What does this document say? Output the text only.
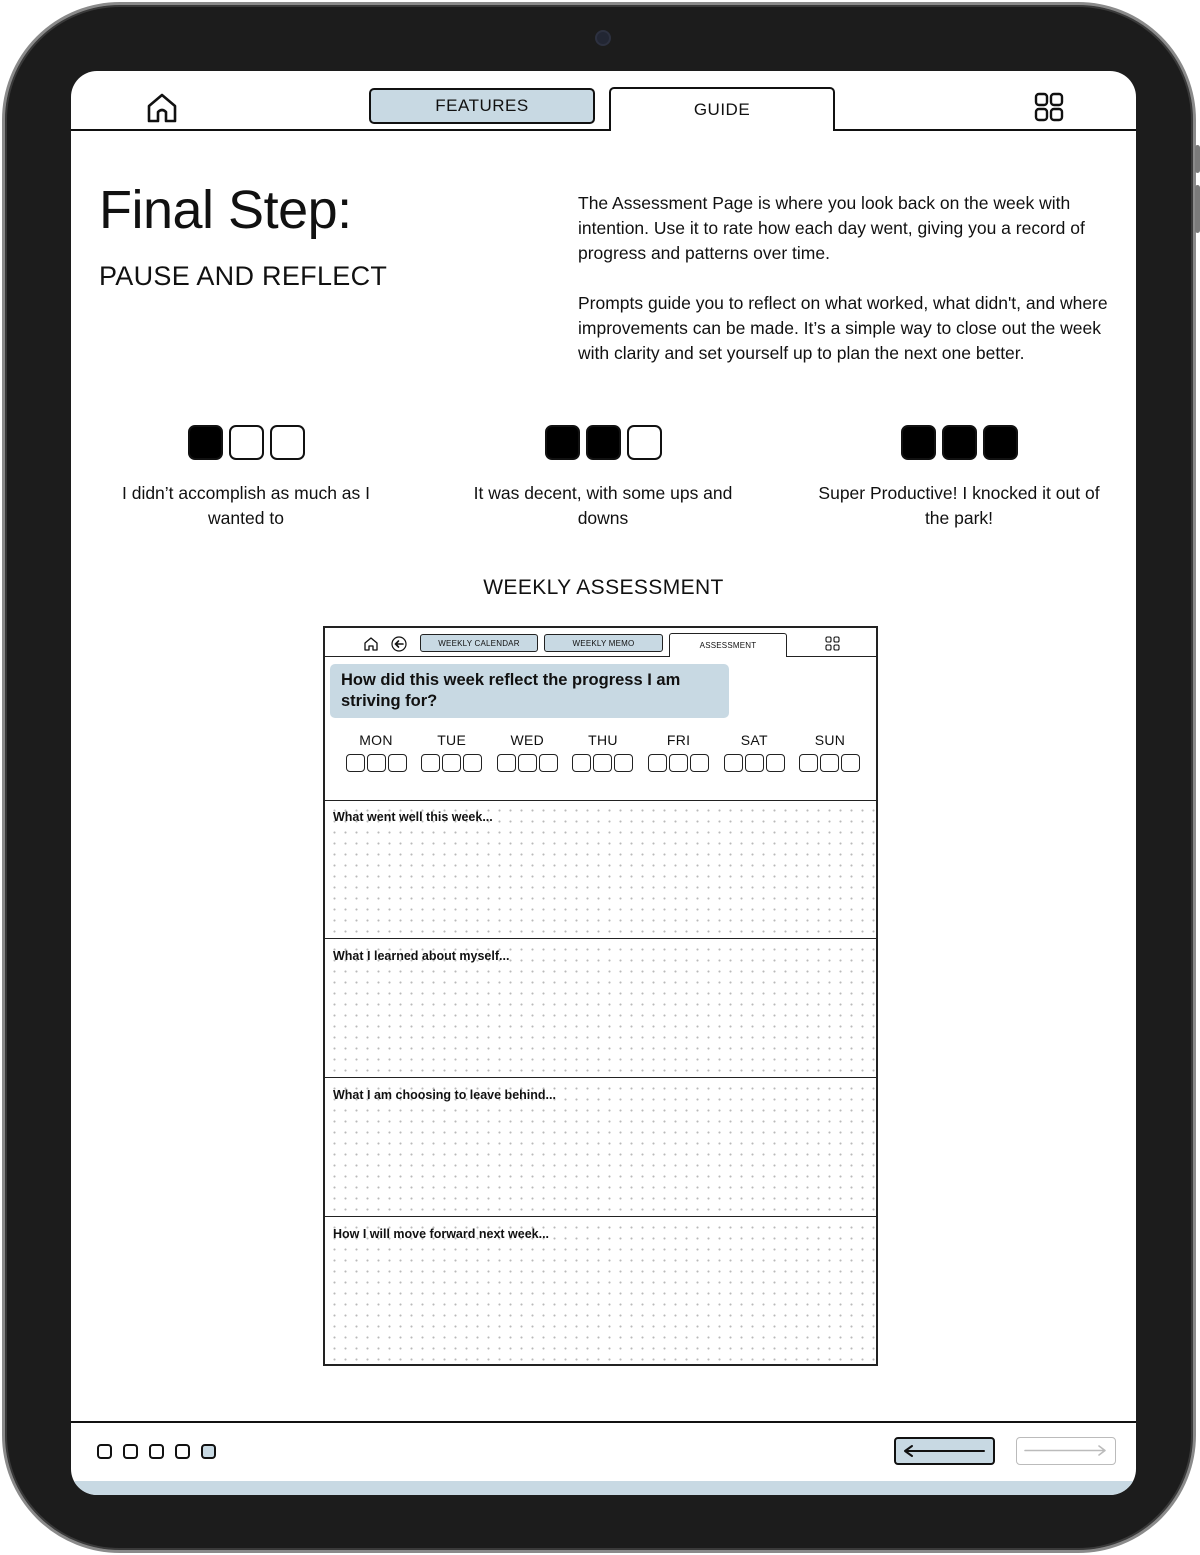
FEATURES	GUIDE
Final Step:
PAUSE AND REFLECT

The Assessment Page is where you look back on the week with intention. Use it to rate how each day went, giving you a record of progress and patterns over time.

Prompts guide you to reflect on what worked, what didn't, and where improvements can be made. It’s a simple way to close out the week with clarity and set yourself up to plan the next one better.

I didn’t accomplish as much as I wanted to
It was decent, with some ups and downs
Super Productive! I knocked it out of the park!
WEEKLY ASSESSMENT
WEEKLY CALENDAR	WEEKLY MEMO	ASSESSMENT
How did this week reflect the progress I am striving for?
MON	TUE	WED	THU	FRI	SAT	SUN
What went well this week...
What I learned about myself...
What I am choosing to leave behind...
How I will move forward next week...
